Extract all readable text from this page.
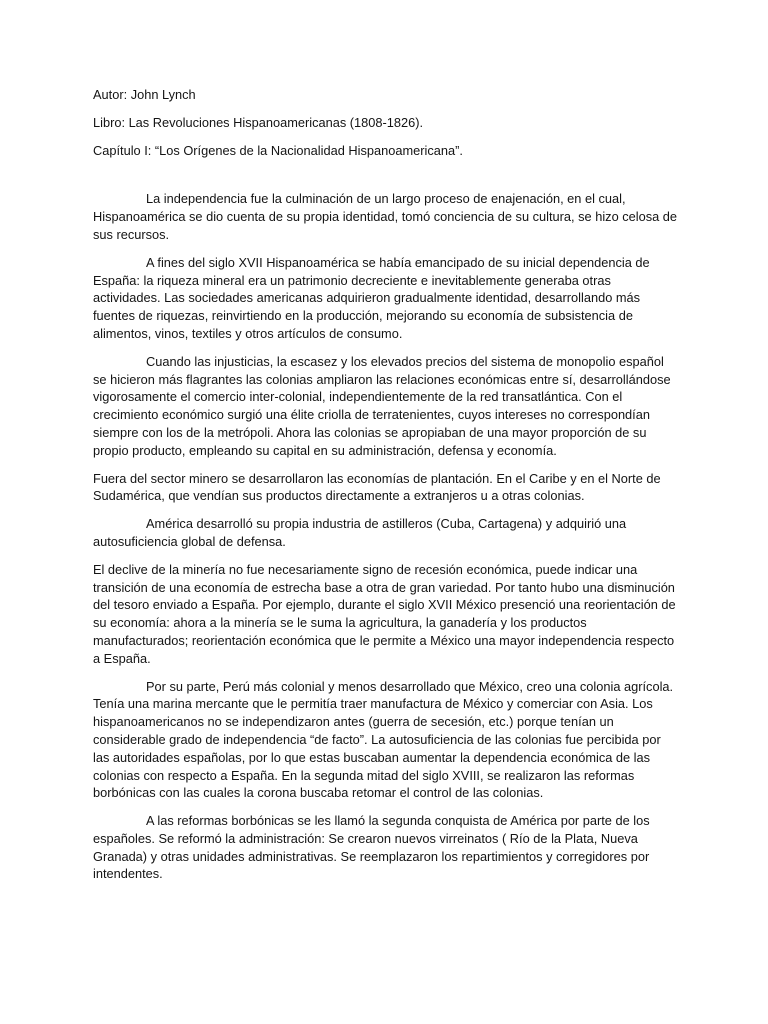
Autor: John Lynch

Libro: Las Revoluciones Hispanoamericanas (1808-1826).

Capítulo I: “Los Orígenes de la Nacionalidad Hispanoamericana”.

La independencia fue la culminación de un largo proceso de enajenación, en el cual, Hispanoamérica se dio cuenta de su propia identidad, tomó conciencia de su cultura, se hizo celosa de sus recursos.

A fines del siglo XVII Hispanoamérica se había emancipado de su inicial dependencia de España: la riqueza mineral era un patrimonio decreciente e inevitablemente generaba otras actividades. Las sociedades americanas adquirieron gradualmente identidad, desarrollando más fuentes de riquezas, reinvirtiendo en la producción, mejorando su economía de subsistencia de alimentos, vinos, textiles y otros artículos de consumo.

Cuando las injusticias, la escasez y los elevados precios del sistema de monopolio español se hicieron más flagrantes las colonias ampliaron las relaciones económicas entre sí, desarrollándose vigorosamente el comercio inter-colonial, independientemente de la red transatlántica. Con el crecimiento económico surgió una élite criolla de terratenientes, cuyos intereses no correspondían siempre con los de la metrópoli. Ahora las colonias se apropiaban de una mayor proporción de su propio producto, empleando su capital en su administración, defensa y economía.

Fuera del sector minero se desarrollaron las economías de plantación. En el Caribe y en el Norte de Sudamérica, que vendían sus productos directamente a extranjeros u a otras colonias.

América desarrolló su propia industria de astilleros (Cuba, Cartagena) y adquirió una autosuficiencia global de defensa.

El declive de la minería no fue necesariamente signo de recesión económica, puede indicar una transición de una economía de estrecha base a otra de gran variedad. Por tanto hubo una disminución del tesoro enviado a España. Por ejemplo, durante el siglo XVII México presenció una reorientación de su economía: ahora a la minería se le suma la agricultura, la ganadería y los productos manufacturados; reorientación económica que le permite a México una mayor independencia respecto a España.

Por su parte, Perú más colonial y menos desarrollado que México, creo una colonia agrícola. Tenía una marina mercante que le permitía traer manufactura de México y comerciar con Asia. Los hispanoamericanos no se independizaron antes (guerra de secesión, etc.) porque tenían un considerable grado de independencia “de facto”. La autosuficiencia de las colonias fue percibida por las autoridades españolas, por lo que estas buscaban aumentar la dependencia económica de las colonias con respecto a España. En la segunda mitad del siglo XVIII, se realizaron las reformas borbónicas con las cuales la corona buscaba retomar el control de las colonias.

A las reformas borbónicas se les llamó la segunda conquista de América por parte de los españoles. Se reformó la administración: Se crearon nuevos virreinatos ( Río de la Plata, Nueva Granada) y otras unidades administrativas. Se reemplazaron los repartimientos y corregidores por intendentes.
